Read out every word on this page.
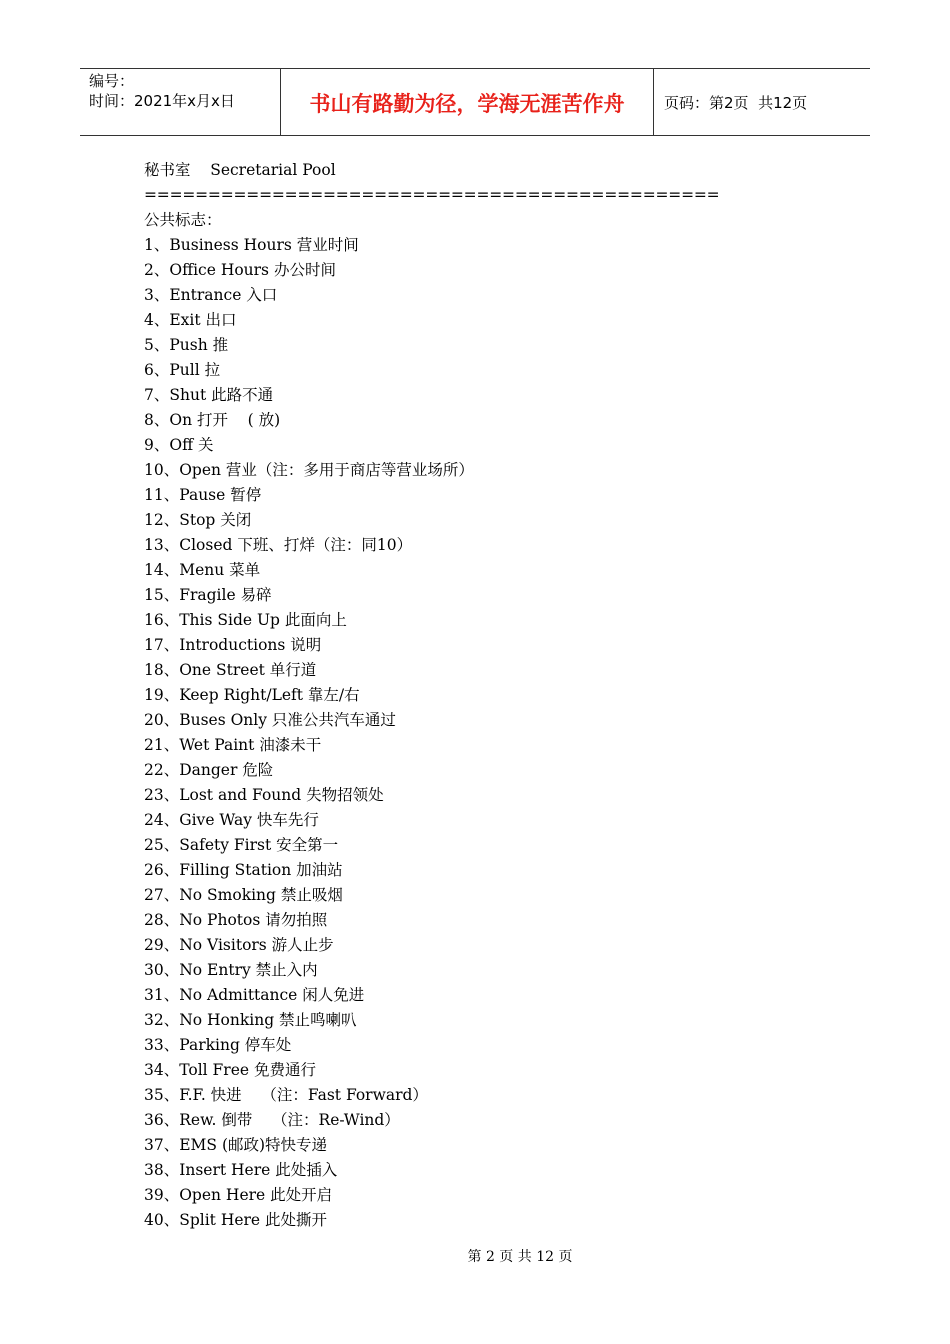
编号：
时间：2021年x月x日	书山有路勤为径，学海无涯苦作舟	页码：第2页  共12页
秘书室    Secretarial Pool
=============================================
公共标志：
1、Business Hours 营业时间
2、Office Hours 办公时间
3、Entrance 入口
4、Exit 出口
5、Push 推
6、Pull 拉
7、Shut 此路不通
8、On 打开    ( 放)
9、Off 关
10、Open 营业（注：多用于商店等营业场所）
11、Pause 暂停
12、Stop 关闭
13、Closed 下班、打烊（注：同10）
14、Menu 菜单
15、Fragile 易碎
16、This Side Up 此面向上
17、Introductions 说明
18、One Street 单行道
19、Keep Right/Left 靠左/右
20、Buses Only 只准公共汽车通过
21、Wet Paint 油漆未干
22、Danger 危险
23、Lost and Found 失物招领处
24、Give Way 快车先行
25、Safety First 安全第一
26、Filling Station 加油站
27、No Smoking 禁止吸烟
28、No Photos 请勿拍照
29、No Visitors 游人止步
30、No Entry 禁止入内
31、No Admittance 闲人免进
32、No Honking 禁止鸣喇叭
33、Parking 停车处
34、Toll Free 免费通行
35、F.F. 快进    （注：Fast Forward）
36、Rew. 倒带    （注：Re-Wind）
37、EMS (邮政)特快专递
38、Insert Here 此处插入
39、Open Here 此处开启
40、Split Here 此处撕开
第 2 页 共 12 页
